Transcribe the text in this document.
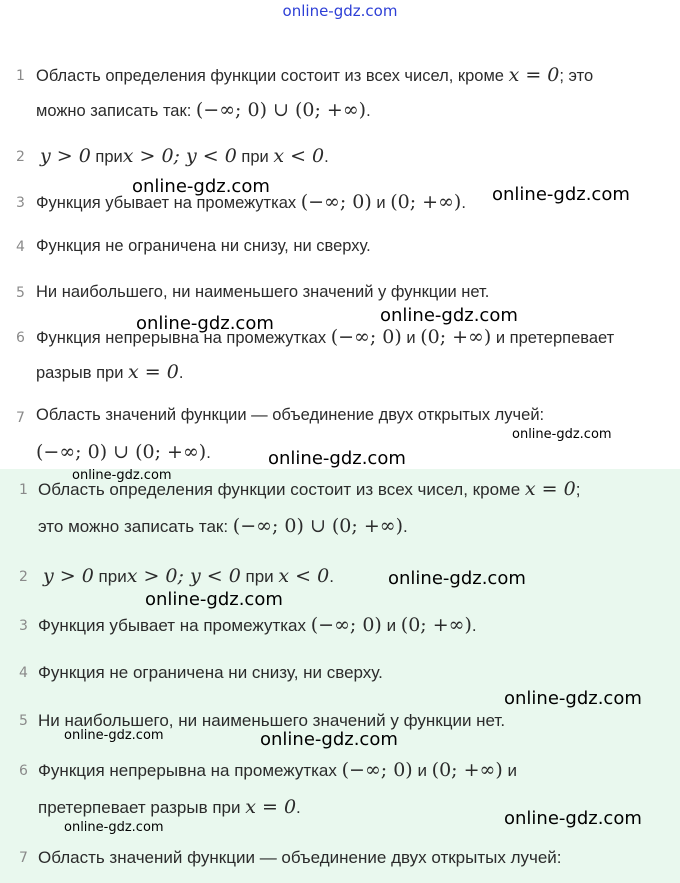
online-gdz.com
1 Область определения функции состоит из всех чисел, кроме x = 0; это
можно записать так: (−∞; 0) ∪ (0; +∞).
2 y > 0 приx > 0; y < 0 при x < 0.
3 Функция убывает на промежутках (−∞; 0) и (0; +∞).
4 Функция не ограничена ни снизу, ни сверху.
5 Ни наибольшего, ни наименьшего значений у функции нет.
6 Функция непрерывна на промежутках (−∞; 0) и (0; +∞) и претерпевает
разрыв при x = 0.
7 Область значений функции — объединение двух открытых лучей:
(−∞; 0) ∪ (0; +∞).
1 Область определения функции состоит из всех чисел, кроме x = 0;
это можно записать так: (−∞; 0) ∪ (0; +∞).
2 y > 0 приx > 0; y < 0 при x < 0.
3 Функция убывает на промежутках (−∞; 0) и (0; +∞).
4 Функция не ограничена ни снизу, ни сверху.
5 Ни наибольшего, ни наименьшего значений у функции нет.
6 Функция непрерывна на промежутках (−∞; 0) и (0; +∞) и
претерпевает разрыв при x = 0.
7 Область значений функции — объединение двух открытых лучей:
online-gdz.com	online-gdz.com
online-gdz.com	online-gdz.com
online-gdz.com
online-gdz.com
online-gdz.com
online-gdz.com
online-gdz.com
online-gdz.com
online-gdz.com	online-gdz.com
online-gdz.com
online-gdz.com
